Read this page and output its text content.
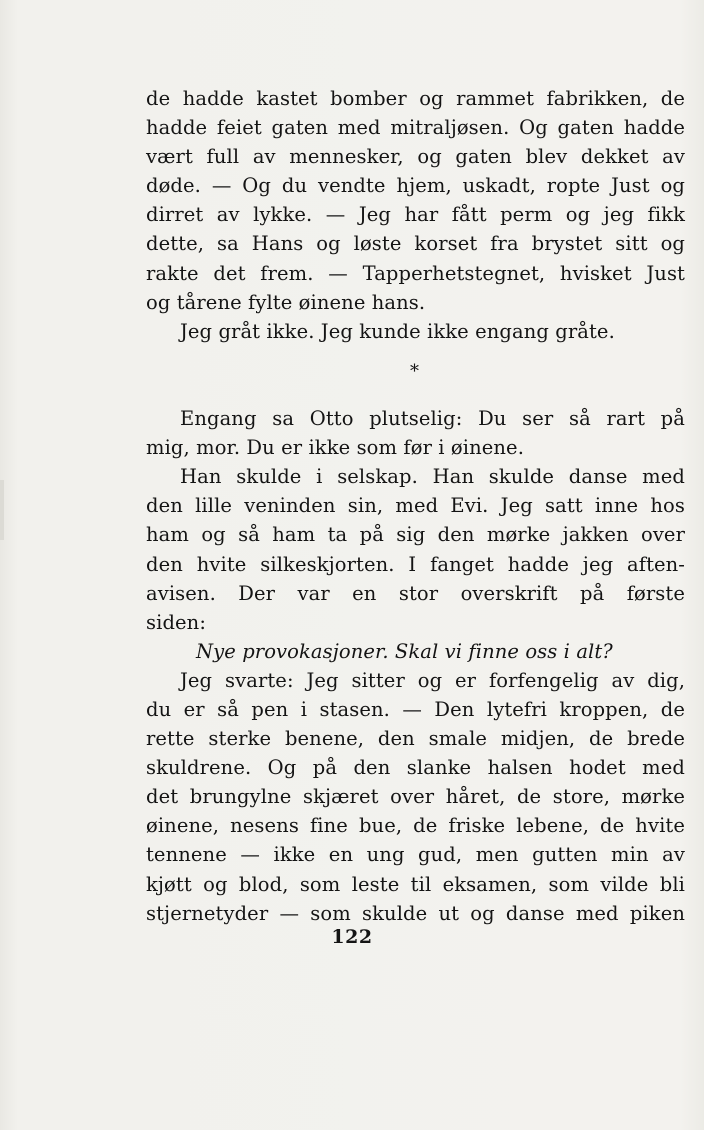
de hadde kastet bomber og rammet fabrikken, de
hadde feiet gaten med mitraljøsen. Og gaten hadde
vært full av mennesker, og gaten blev dekket av
døde. — Og du vendte hjem, uskadt, ropte Just og
dirret av lykke. — Jeg har fått perm og jeg fikk
dette, sa Hans og løste korset fra brystet sitt og
rakte det frem. — Tapperhetstegnet, hvisket Just
og tårene fylte øinene hans.
Jeg gråt ikke. Jeg kunde ikke engang gråte.
Engang sa Otto plutselig: Du ser så rart på
mig, mor. Du er ikke som før i øinene.
Han skulde i selskap. Han skulde danse med
den lille veninden sin, med Evi. Jeg satt inne hos
ham og så ham ta på sig den mørke jakken over
den hvite silkeskjorten. I fanget hadde jeg aften-
avisen. Der var en stor overskrift på første
siden:
Nye provokasjoner. Skal vi finne oss i alt?
Jeg svarte: Jeg sitter og er forfengelig av dig,
du er så pen i stasen. — Den lytefri kroppen, de
rette sterke benene, den smale midjen, de brede
skuldrene. Og på den slanke halsen hodet med
det brungylne skjæret over håret, de store, mørke
øinene, nesens fine bue, de friske lebene, de hvite
tennene — ikke en ung gud, men gutten min av
kjøtt og blod, som leste til eksamen, som vilde bli
stjernetyder — som skulde ut og danse med piken
*
122
